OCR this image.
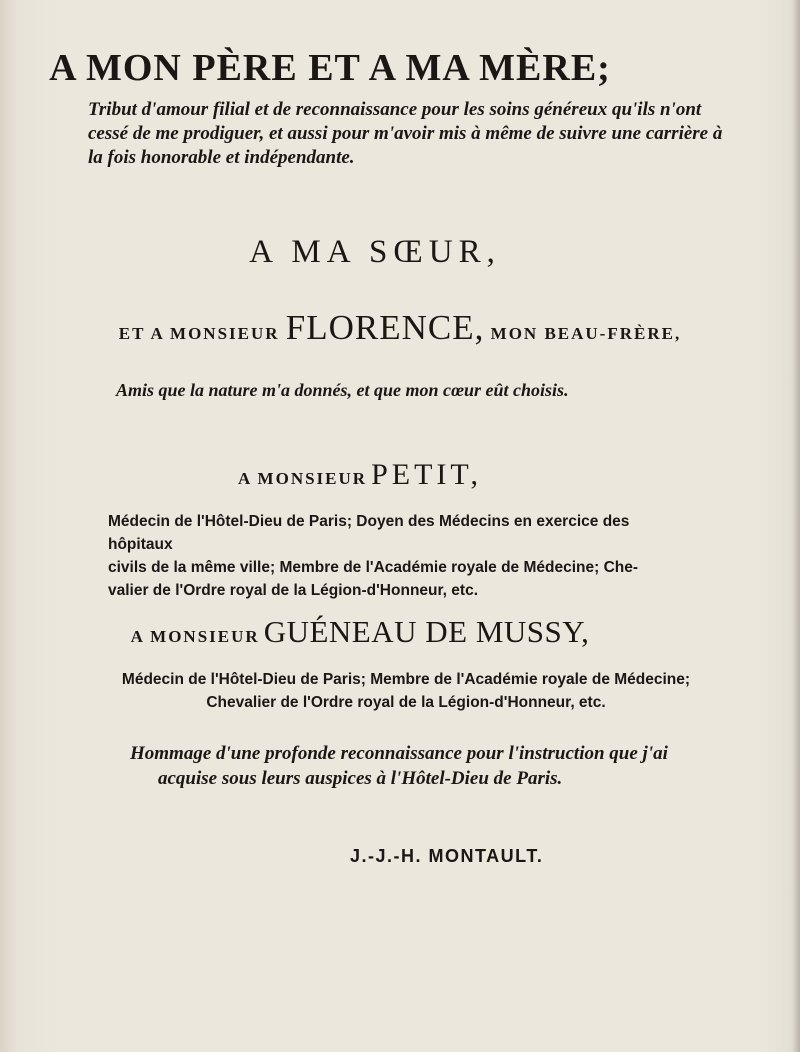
A MON PÈRE ET A MA MÈRE;
Tribut d'amour filial et de reconnaissance pour les soins généreux qu'ils n'ont cessé de me prodiguer, et aussi pour m'avoir mis à même de suivre une carrière à la fois honorable et indépendante.
A MA SŒUR,
ET A MONSIEUR FLORENCE, MON BEAU-FRÈRE,
Amis que la nature m'a donnés, et que mon cœur eût choisis.
A MONSIEUR PETIT,
Médecin de l'Hôtel-Dieu de Paris; Doyen des Médecins en exercice des hôpitaux
civils de la même ville; Membre de l'Académie royale de Médecine; Che-
valier de l'Ordre royal de la Légion-d'Honneur, etc.
A MONSIEUR GUÉNEAU DE MUSSY,
Médecin de l'Hôtel-Dieu de Paris; Membre de l'Académie royale de Médecine;
Chevalier de l'Ordre royal de la Légion-d'Honneur, etc.
Hommage d'une profonde reconnaissance pour l'instruction que j'ai
acquise sous leurs auspices à l'Hôtel-Dieu de Paris.
J.-J.-H. MONTAULT.
